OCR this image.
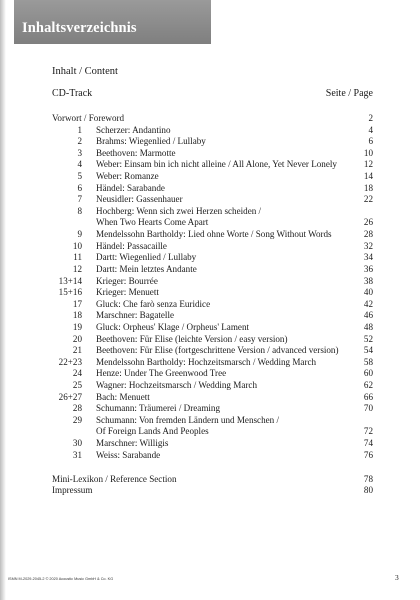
Inhaltsverzeichnis
Inhalt / Content
CD-Track	Seite / Page
Vorwort / Foreword	2
1 Scherzer: Andantino	4
2 Brahms: Wiegenlied / Lullaby	6
3 Beethoven: Marmotte	10
4 Weber: Einsam bin ich nicht alleine / All Alone, Yet Never Lonely	12
5 Weber: Romanze	14
6 Händel: Sarabande	18
7 Neusidler: Gassenhauer	22
8 Hochberg: Wenn sich zwei Herzen scheiden /
When Two Hearts Come Apart	26
9 Mendelssohn Bartholdy: Lied ohne Worte / Song Without Words	28
10 Händel: Passacaille	32
11 Dartt: Wiegenlied / Lullaby	34
12 Dartt: Mein letztes Andante	36
13+14 Krieger: Bourrée	38
15+16 Krieger: Menuett	40
17 Gluck: Che farò senza Euridice	42
18 Marschner: Bagatelle	46
19 Gluck: Orpheus' Klage / Orpheus' Lament	48
20 Beethoven: Für Elise (leichte Version / easy version)	52
21 Beethoven: Für Elise (fortgeschrittene Version / advanced version)	54
22+23 Mendelssohn Bartholdy: Hochzeitsmarsch / Wedding March	58
24 Henze: Under The Greenwood Tree	60
25 Wagner: Hochzeitsmarsch / Wedding March	62
26+27 Bach: Menuett	66
28 Schumann: Träumerei / Dreaming	70
29 Schumann: Von fremden Ländern und Menschen /
Of Foreign Lands And Peoples	72
30 Marschner: Willigis	74
31 Weiss: Sarabande	76
Mini-Lexikon / Reference Section	78
Impressum	80
ISMN M-2029-2045-2 © 2020 Acoustic Music GmbH & Co. KG	3
